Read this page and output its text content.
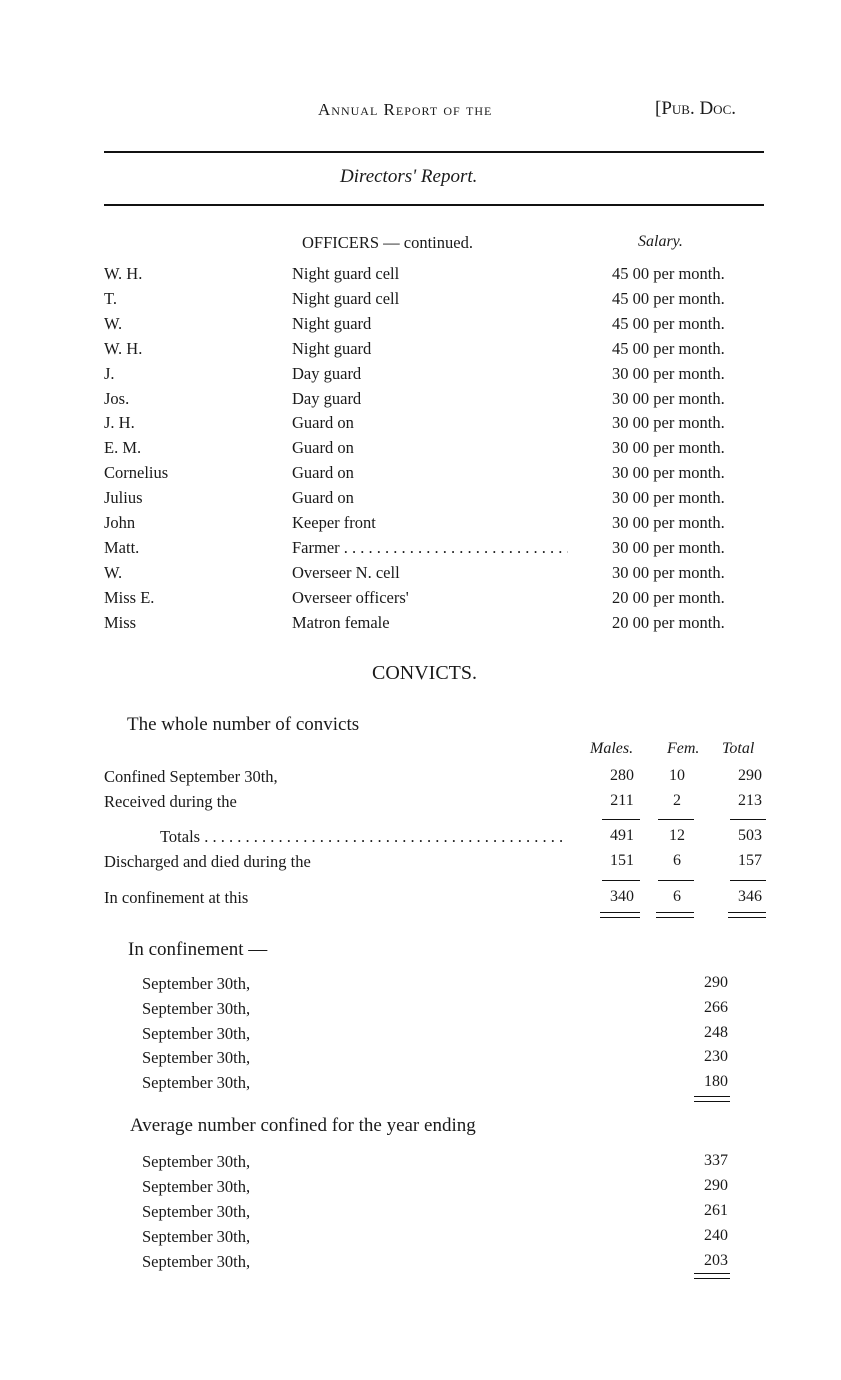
Annual Report of the	[Pub. Doc.
Directors' Report.
OFFICERS — continued.	Salary.
W. H. . . .	Night guard cell . . .	45 00 per month.
T. . . .	Night guard cell . . .	45 00 per month.
W. . . .	Night guard . . .	45 00 per month.
W. H. . . .	Night guard . . .	45 00 per month.
J. . . .	Day guard . . .	30 00 per month.
Jos. . . .	Day guard . . .	30 00 per month.
J. H. . . .	Guard on . . .	30 00 per month.
E. M. . . .	Guard on . . .	30 00 per month.
Cornelius . . .	Guard on . . .	30 00 per month.
Julius . . .	Guard on . . .	30 00 per month.
John . . .	Keeper front . . .	30 00 per month.
Matt. . . .	Farmer . . .	30 00 per month.
W. . . .	Overseer N. cell . . .	30 00 per month.
Miss E. . . .	Overseer officers' . . .	20 00 per month.
Miss . . .	Matron female . . .	20 00 per month.
CONVICTS.
The whole number of convicts
Males. Fem. Total
Confined September 30th, . . .	280	10	290
Received during the . . .	211	2	213
Totals . . .	491	12	503
Discharged and died during the . . .	151	6	157
In confinement at this . . .	340	6	346
In confinement —
September 30th, . . .	290
September 30th, . . .	266
September 30th, . . .	248
September 30th, . . .	230
September 30th, . . .	180
Average number confined for the year ending
September 30th, . . .	337
September 30th, . . .	290
September 30th, . . .	261
September 30th, . . .	240
September 30th, . . .	203
